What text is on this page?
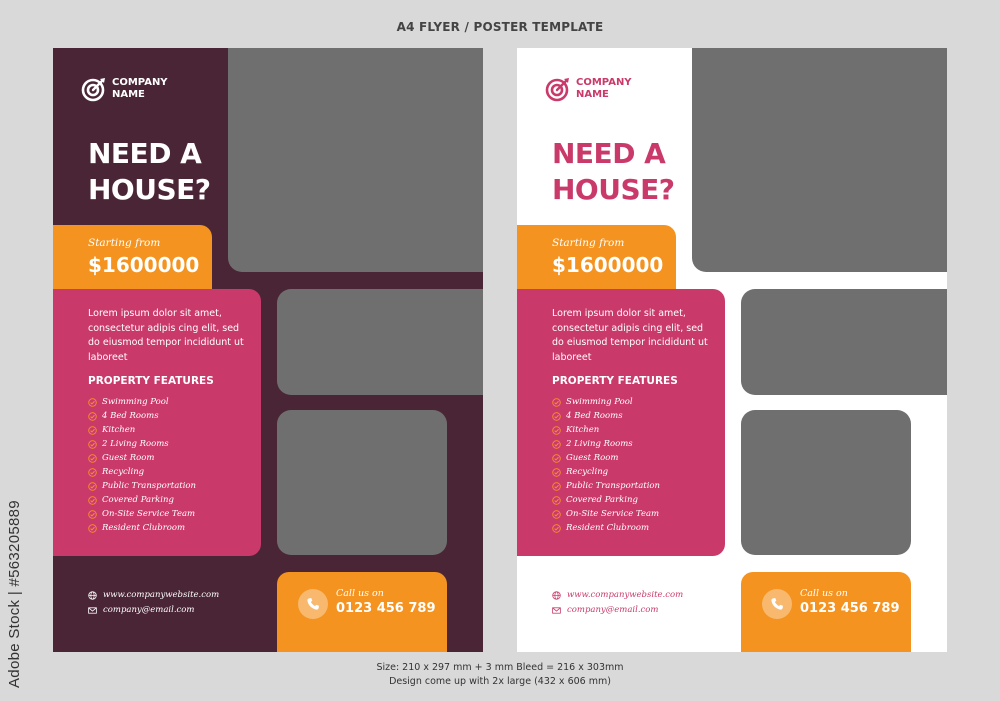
A4 FLYER / POSTER TEMPLATE
Adobe Stock | #563205889
COMPANY
NAME
NEED A
HOUSE?
Lorem ipsum dolor sit amet,
consectetur adipis cing elit, sed
do eiusmod tempor incididunt ut
laboreet
PROPERTY FEATURES
Swimming Pool
4 Bed Rooms
Kitchen
2 Living Rooms
Guest Room
Recycling
Public Transportation
Covered Parking
On-Site Service Team
Resident Clubroom
Starting from
$1600000
www.companywebsite.com
company@email.com
Call us on
0123 456 789
COMPANY
NAME
NEED A
HOUSE?
Lorem ipsum dolor sit amet,
consectetur adipis cing elit, sed
do eiusmod tempor incididunt ut
laboreet
PROPERTY FEATURES
Swimming Pool
4 Bed Rooms
Kitchen
2 Living Rooms
Guest Room
Recycling
Public Transportation
Covered Parking
On-Site Service Team
Resident Clubroom
Starting from
$1600000
www.companywebsite.com
company@email.com
Call us on
0123 456 789
Size: 210 x 297 mm + 3 mm Bleed = 216 x 303mm
Design come up with 2x large (432 x 606 mm)
